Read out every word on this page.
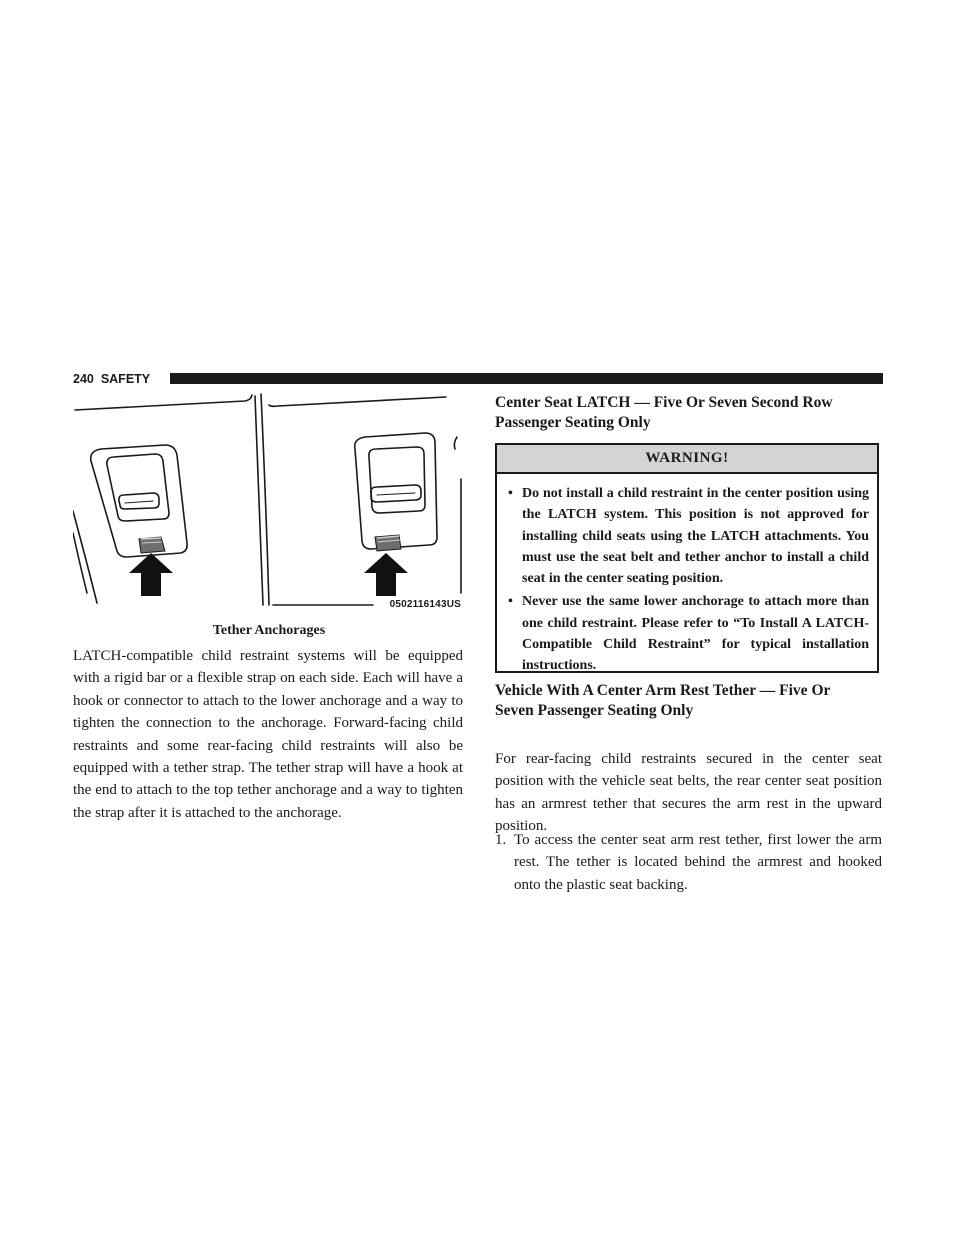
240 SAFETY
0502116143US
Tether Anchorages

LATCH-compatible child restraint systems will be equipped with a rigid bar or a flexible strap on each side. Each will have a hook or connector to attach to the lower anchorage and a way to tighten the connection to the anchorage. Forward-facing child restraints and some rear-facing child restraints will also be equipped with a tether strap. The tether strap will have a hook at the end to attach to the top tether anchorage and a way to tighten the strap after it is attached to the anchorage.

Center Seat LATCH — Five Or Seven Second Row
Passenger Seating Only
WARNING!
• Do not install a child restraint in the center position using the LATCH system. This position is not approved for installing child seats using the LATCH attachments. You must use the seat belt and tether anchor to install a child seat in the center seating position.
• Never use the same lower anchorage to attach more than one child restraint. Please refer to “To Install A LATCH-Compatible Child Restraint” for typical installation instructions.
Vehicle With A Center Arm Rest Tether — Five Or
Seven Passenger Seating Only

For rear-facing child restraints secured in the center seat position with the vehicle seat belts, the rear center seat position has an armrest tether that secures the arm rest in the upward position.

1. To access the center seat arm rest tether, first lower the arm rest. The tether is located behind the armrest and hooked onto the plastic seat backing.
